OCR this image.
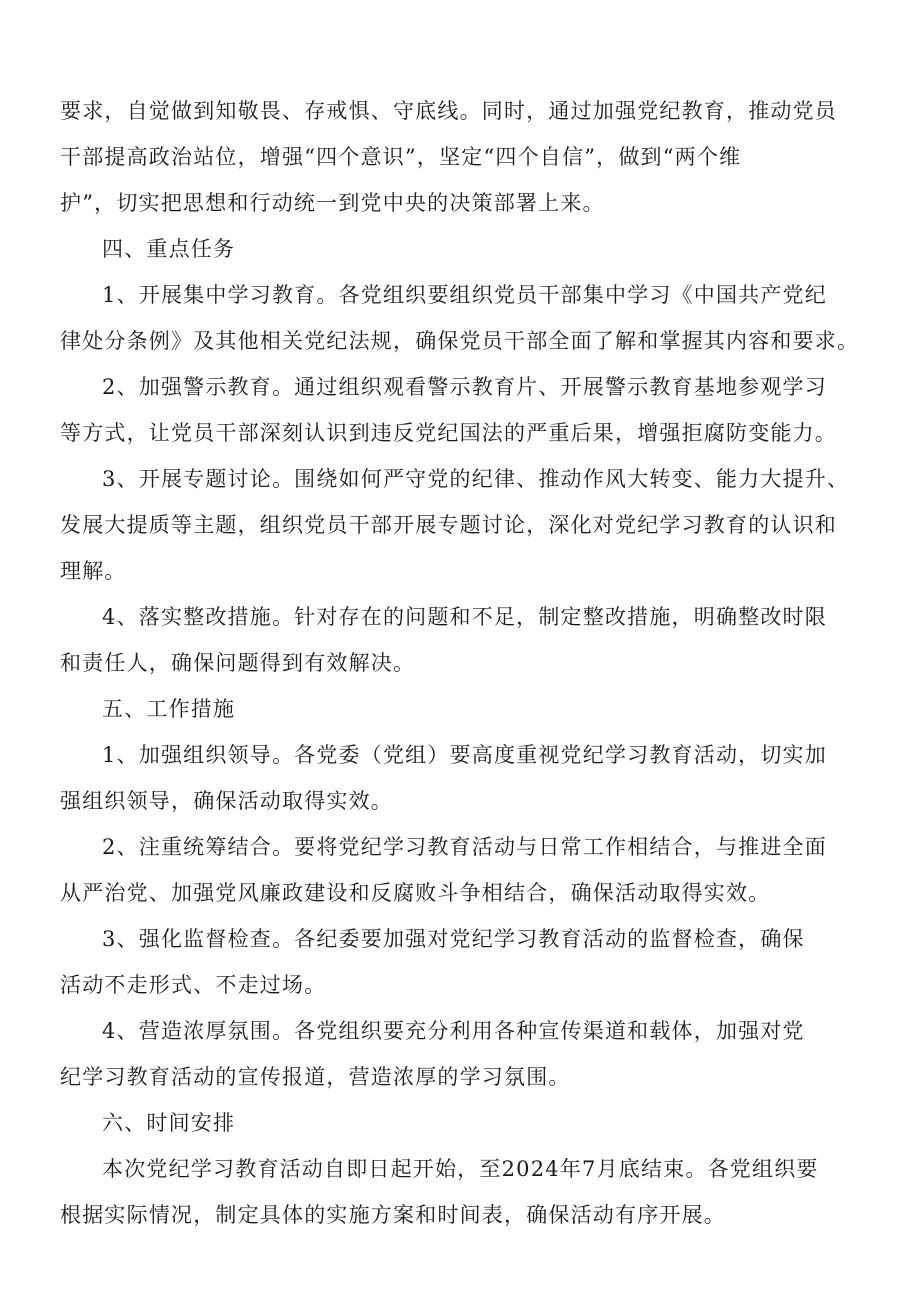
要求，自觉做到知敬畏、存戒惧、守底线。同时，通过加强党纪教育，推动党员
干部提高政治站位，增强“四个意识”，坚定“四个自信”，做到“两个维
护”，切实把思想和行动统一到党中央的决策部署上来。

四、重点任务

1、开展集中学习教育。各党组织要组织党员干部集中学习《中国共产党纪
律处分条例》及其他相关党纪法规，确保党员干部全面了解和掌握其内容和要求。

2、加强警示教育。通过组织观看警示教育片、开展警示教育基地参观学习
等方式，让党员干部深刻认识到违反党纪国法的严重后果，增强拒腐防变能力。

3、开展专题讨论。围绕如何严守党的纪律、推动作风大转变、能力大提升、
发展大提质等主题，组织党员干部开展专题讨论，深化对党纪学习教育的认识和
理解。

4、落实整改措施。针对存在的问题和不足，制定整改措施，明确整改时限
和责任人，确保问题得到有效解决。

五、工作措施

1、加强组织领导。各党委（党组）要高度重视党纪学习教育活动，切实加
强组织领导，确保活动取得实效。

2、注重统筹结合。要将党纪学习教育活动与日常工作相结合，与推进全面
从严治党、加强党风廉政建设和反腐败斗争相结合，确保活动取得实效。

3、强化监督检查。各纪委要加强对党纪学习教育活动的监督检查，确保
活动不走形式、不走过场。

4、营造浓厚氛围。各党组织要充分利用各种宣传渠道和载体，加强对党
纪学习教育活动的宣传报道，营造浓厚的学习氛围。

六、时间安排

本次党纪学习教育活动自即日起开始，至2024年7月底结束。各党组织要
根据实际情况，制定具体的实施方案和时间表，确保活动有序开展。
